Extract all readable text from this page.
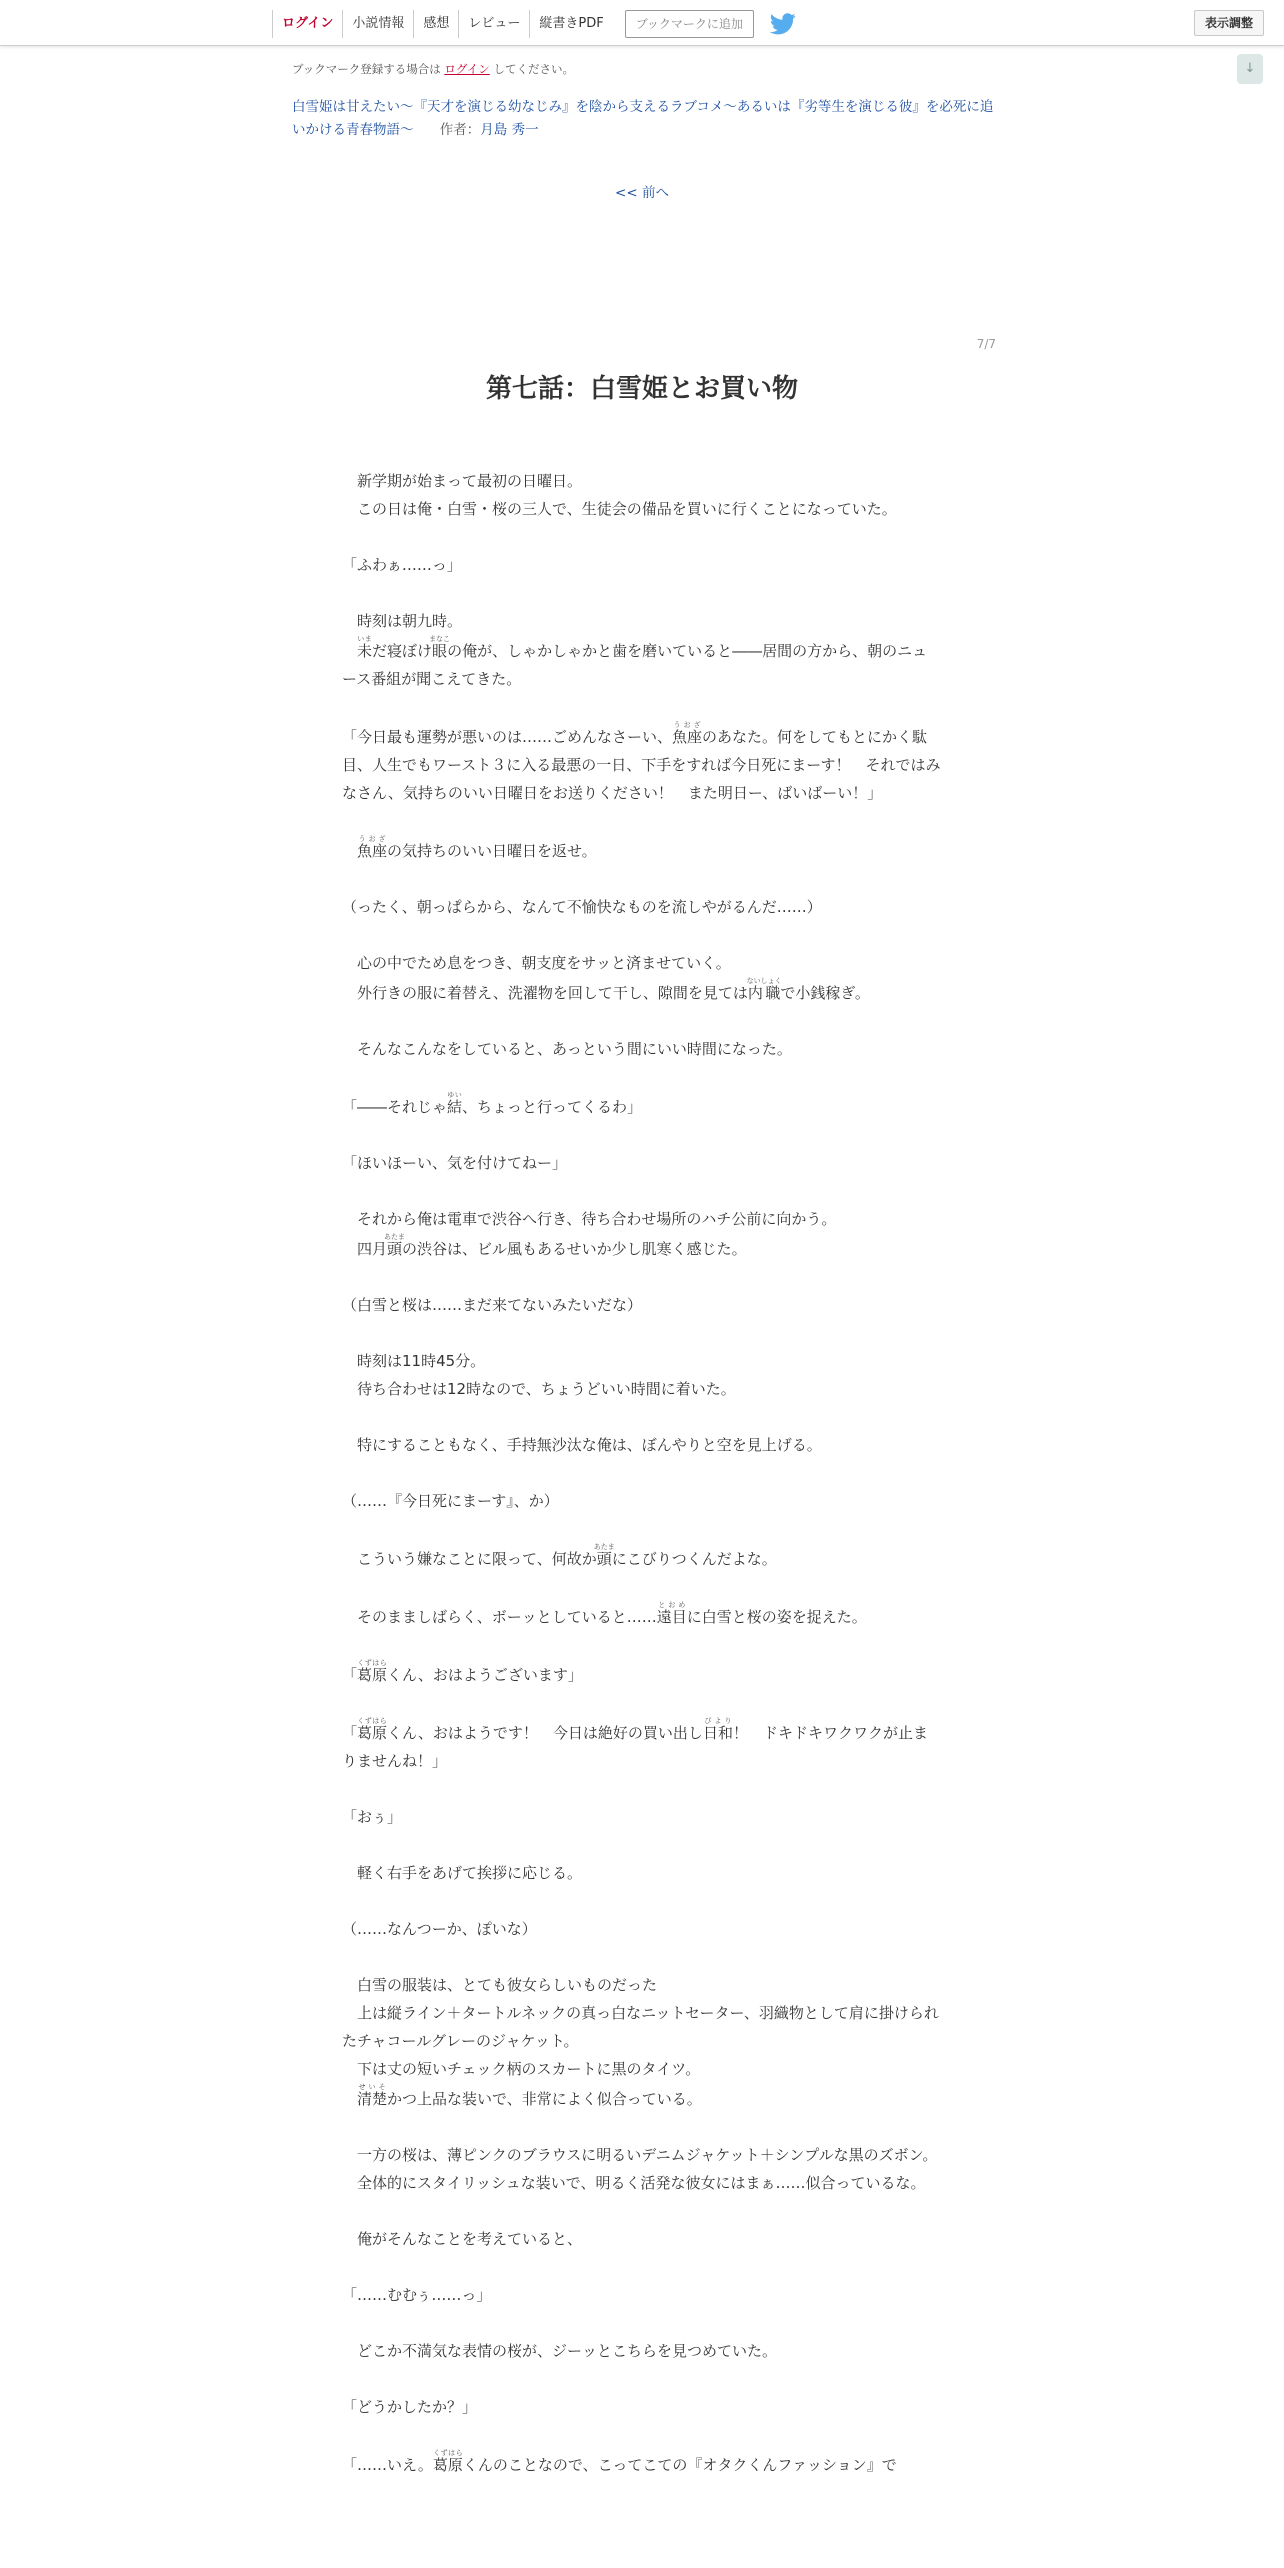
ログイン	小説情報	感想	レビュー	縦書きPDF	ブックマークに追加	表示調整
ブックマーク登録する場合は ログイン してください。
白雪姫は甘えたい～『天才を演じる幼なじみ』を陰から支えるラブコメ～あるいは『劣等生を演じる彼』を必死に追いかける青春物語～ 作者：月島 秀一
<< 前へ
↓
7/7
第七話：白雪姫とお買い物
　新学期が始まって最初の日曜日。
　この日は俺・白雪・桜の三人で、生徒会の備品を買いに行くことになっていた。
「ふわぁ……っ」
　時刻は朝九時。
　未いまだ寝ぼけ眼まなこの俺が、しゃかしゃかと歯を磨いていると――居間の方から、朝のニュース番組が聞こえてきた。
「今日最も運勢が悪いのは……ごめんなさーい、魚座うおざのあなた。何をしてもとにかく駄目、人生でもワースト３に入る最悪の一日、下手をすれば今日死にまーす！　それではみなさん、気持ちのいい日曜日をお送りください！　また明日ー、ばいばーい！」
　魚座うおざの気持ちのいい日曜日を返せ。
（ったく、朝っぱらから、なんて不愉快なものを流しやがるんだ……）
　心の中でため息をつき、朝支度をサッと済ませていく。
　外行きの服に着替え、洗濯物を回して干し、隙間を見ては内職ないしょくで小銭稼ぎ。
　そんなこんなをしていると、あっという間にいい時間になった。
「――それじゃ結ゆい、ちょっと行ってくるわ」
「ほいほーい、気を付けてねー」
　それから俺は電車で渋谷へ行き、待ち合わせ場所のハチ公前に向かう。
　四月頭あたまの渋谷は、ビル風もあるせいか少し肌寒く感じた。
（白雪と桜は……まだ来てないみたいだな）
　時刻は11時45分。
　待ち合わせは12時なので、ちょうどいい時間に着いた。
　特にすることもなく、手持無沙汰な俺は、ぼんやりと空を見上げる。
（……『今日死にまーす』、か）
　こういう嫌なことに限って、何故か頭あたまにこびりつくんだよな。
　そのまましばらく、ボーッとしていると……遠目とおめに白雪と桜の姿を捉えた。
「葛原くずはらくん、おはようございます」
「葛原くずはらくん、おはようです！　今日は絶好の買い出し日和びより！　ドキドキワクワクが止まりませんね！」
「おぅ」
　軽く右手をあげて挨拶に応じる。
（……なんつーか、ぽいな）
　白雪の服装は、とても彼女らしいものだった
　上は縦ライン＋タートルネックの真っ白なニットセーター、羽織物として肩に掛けられたチャコールグレーのジャケット。
　下は丈の短いチェック柄のスカートに黒のタイツ。
　清楚せいそかつ上品な装いで、非常によく似合っている。
　一方の桜は、薄ピンクのブラウスに明るいデニムジャケット＋シンプルな黒のズボン。
　全体的にスタイリッシュな装いで、明るく活発な彼女にはまぁ……似合っているな。
　俺がそんなことを考えていると、
「……むむぅ……っ」
　どこか不満気な表情の桜が、ジーッとこちらを見つめていた。
「どうかしたか？」
「……いえ。葛原くずはらくんのことなので、こってこての『オタクくんファッション』で
